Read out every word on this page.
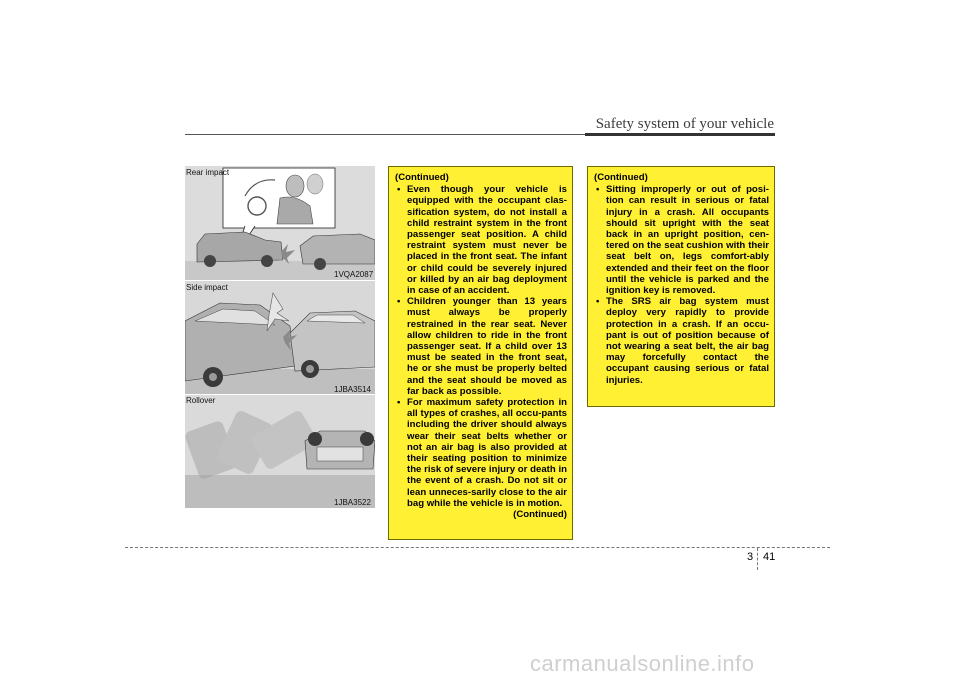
Safety system of your vehicle
Rear impact
1VQA2087
Side impact
1JBA3514
Rollover
1JBA3522
(Continued)
• Even though your vehicle is equipped with the occupant clas-sification system, do not install a child restraint system in the front passenger seat position. A child restraint system must never be placed in the front seat. The infant or child could be severely injured or killed by an air bag deployment in case of an accident.
• Children younger than 13 years must always be properly restrained in the rear seat. Never allow children to ride in the front passenger seat. If a child over 13 must be seated in the front seat, he or she must be properly belted and the seat should be moved as far back as possible.
• For maximum safety protection in all types of crashes, all occu-pants including the driver should always wear their seat belts whether or not an air bag is also provided at their seating position to minimize the risk of severe injury or death in the event of a crash. Do not sit or lean unneces-sarily close to the air bag while the vehicle is in motion.
(Continued)
(Continued)
• Sitting improperly or out of posi-tion can result in serious or fatal injury in a crash. All occupants should sit upright with the seat back in an upright position, cen-tered on the seat cushion with their seat belt on, legs comfort-ably extended and their feet on the floor until the vehicle is parked and the ignition key is removed.
• The SRS air bag system must deploy very rapidly to provide protection in a crash. If an occu-pant is out of position because of not wearing a seat belt, the air bag may forcefully contact the occupant causing serious or fatal injuries.
3 41
carmanualsonline.info
